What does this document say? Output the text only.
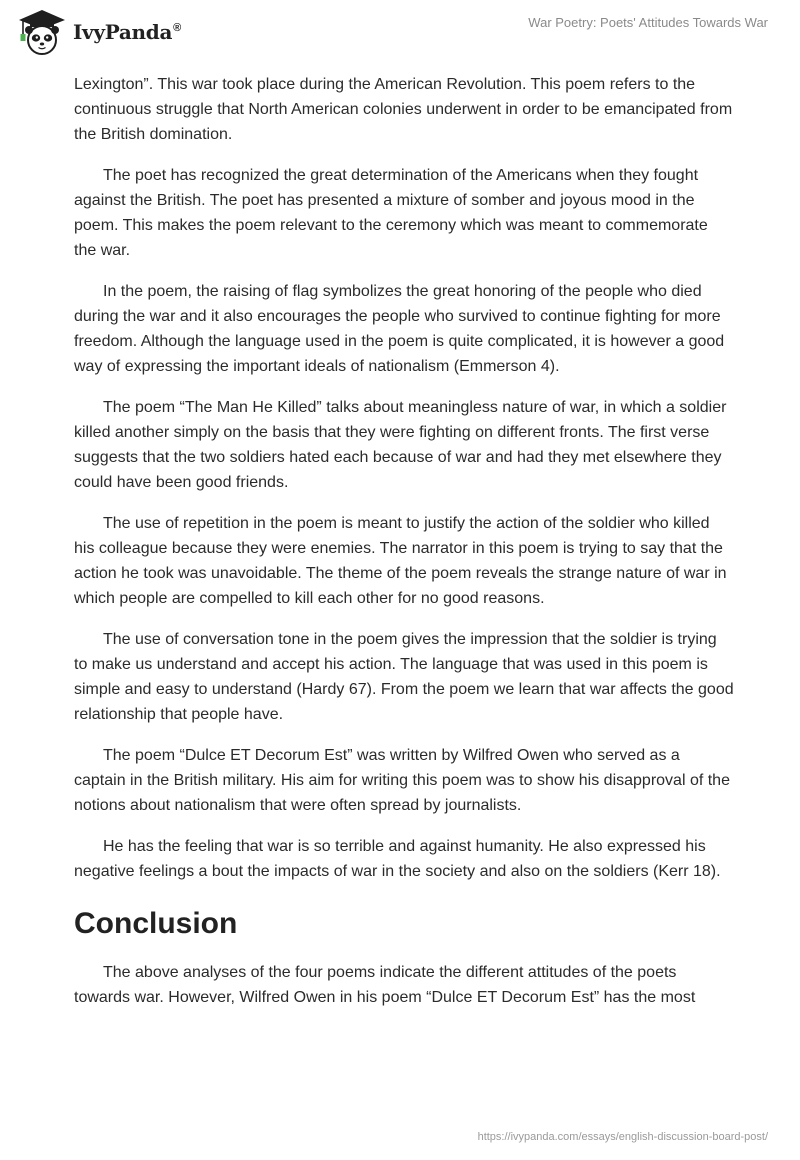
IvyPanda®	War Poetry: Poets' Attitudes Towards War

Lexington”. This war took place during the American Revolution. This poem refers to the continuous struggle that North American colonies underwent in order to be emancipated from the British domination.

The poet has recognized the great determination of the Americans when they fought against the British. The poet has presented a mixture of somber and joyous mood in the poem. This makes the poem relevant to the ceremony which was meant to commemorate the war.

In the poem, the raising of flag symbolizes the great honoring of the people who died during the war and it also encourages the people who survived to continue fighting for more freedom. Although the language used in the poem is quite complicated, it is however a good way of expressing the important ideals of nationalism (Emmerson 4).

The poem “The Man He Killed” talks about meaningless nature of war, in which a soldier killed another simply on the basis that they were fighting on different fronts. The first verse suggests that the two soldiers hated each because of war and had they met elsewhere they could have been good friends.

The use of repetition in the poem is meant to justify the action of the soldier who killed his colleague because they were enemies. The narrator in this poem is trying to say that the action he took was unavoidable. The theme of the poem reveals the strange nature of war in which people are compelled to kill each other for no good reasons.

The use of conversation tone in the poem gives the impression that the soldier is trying to make us understand and accept his action. The language that was used in this poem is simple and easy to understand (Hardy 67). From the poem we learn that war affects the good relationship that people have.

The poem “Dulce ET Decorum Est” was written by Wilfred Owen who served as a captain in the British military. His aim for writing this poem was to show his disapproval of the notions about nationalism that were often spread by journalists.

He has the feeling that war is so terrible and against humanity. He also expressed his negative feelings a bout the impacts of war in the society and also on the soldiers (Kerr 18).

Conclusion

The above analyses of the four poems indicate the different attitudes of the poets towards war. However, Wilfred Owen in his poem “Dulce ET Decorum Est” has the most

https://ivypanda.com/essays/english-discussion-board-post/
